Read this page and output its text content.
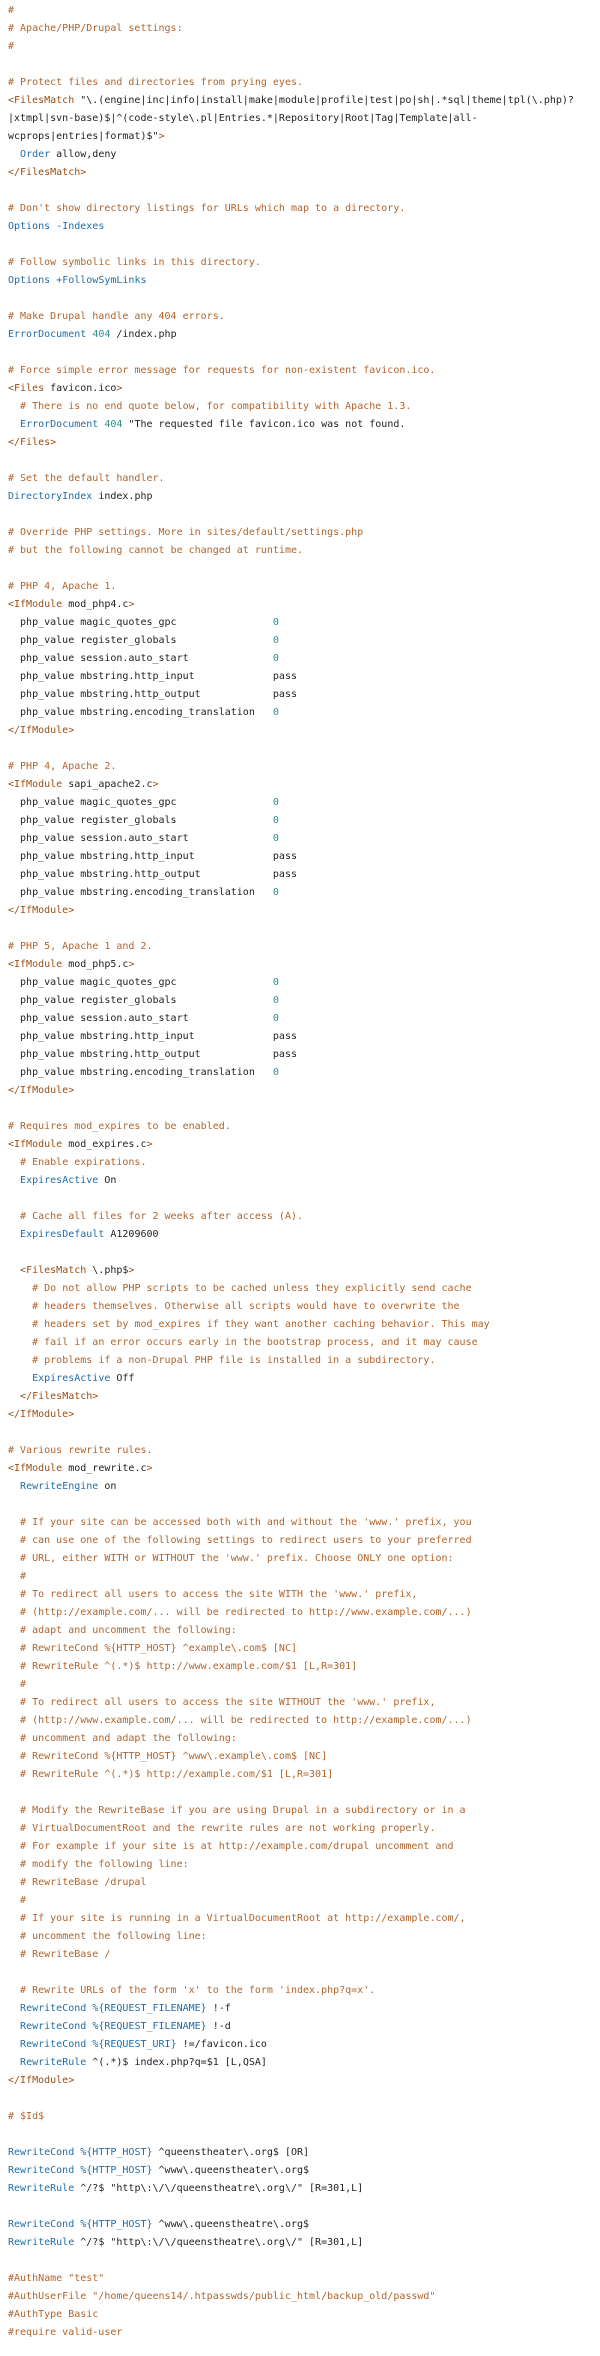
#
# Apache/PHP/Drupal settings:
#
# Protect files and directories from prying eyes.
<FilesMatch "\.(engine|inc|info|install|make|module|profile|test|po|sh|.*sql|theme|tpl(\.php)?
|xtmpl|svn-base)$|^(code-style\.pl|Entries.*|Repository|Root|Tag|Template|all-
wcprops|entries|format)$">
Order allow,deny
</FilesMatch>
# Don't show directory listings for URLs which map to a directory.
Options -Indexes
# Follow symbolic links in this directory.
Options +FollowSymLinks
# Make Drupal handle any 404 errors.
ErrorDocument 404 /index.php
# Force simple error message for requests for non-existent favicon.ico.
<Files favicon.ico>
# There is no end quote below, for compatibility with Apache 1.3.
ErrorDocument 404 "The requested file favicon.ico was not found.
</Files>
# Set the default handler.
DirectoryIndex index.php
# Override PHP settings. More in sites/default/settings.php
# but the following cannot be changed at runtime.
# PHP 4, Apache 1.
<IfModule mod_php4.c>
php_value magic_quotes_gpc                0
php_value register_globals                0
php_value session.auto_start              0
php_value mbstring.http_input             pass
php_value mbstring.http_output            pass
php_value mbstring.encoding_translation   0
</IfModule>
# PHP 4, Apache 2.
<IfModule sapi_apache2.c>
php_value magic_quotes_gpc                0
php_value register_globals                0
php_value session.auto_start              0
php_value mbstring.http_input             pass
php_value mbstring.http_output            pass
php_value mbstring.encoding_translation   0
</IfModule>
# PHP 5, Apache 1 and 2.
<IfModule mod_php5.c>
php_value magic_quotes_gpc                0
php_value register_globals                0
php_value session.auto_start              0
php_value mbstring.http_input             pass
php_value mbstring.http_output            pass
php_value mbstring.encoding_translation   0
</IfModule>
# Requires mod_expires to be enabled.
<IfModule mod_expires.c>
# Enable expirations.
ExpiresActive On
# Cache all files for 2 weeks after access (A).
ExpiresDefault A1209600
<FilesMatch \.php$>
# Do not allow PHP scripts to be cached unless they explicitly send cache
# headers themselves. Otherwise all scripts would have to overwrite the
# headers set by mod_expires if they want another caching behavior. This may
# fail if an error occurs early in the bootstrap process, and it may cause
# problems if a non-Drupal PHP file is installed in a subdirectory.
ExpiresActive Off
</FilesMatch>
</IfModule>
# Various rewrite rules.
<IfModule mod_rewrite.c>
RewriteEngine on
# If your site can be accessed both with and without the 'www.' prefix, you
# can use one of the following settings to redirect users to your preferred
# URL, either WITH or WITHOUT the 'www.' prefix. Choose ONLY one option:
#
# To redirect all users to access the site WITH the 'www.' prefix,
# (http://example.com/... will be redirected to http://www.example.com/...)
# adapt and uncomment the following:
# RewriteCond %{HTTP_HOST} ^example\.com$ [NC]
# RewriteRule ^(.*)$ http://www.example.com/$1 [L,R=301]
#
# To redirect all users to access the site WITHOUT the 'www.' prefix,
# (http://www.example.com/... will be redirected to http://example.com/...)
# uncomment and adapt the following:
# RewriteCond %{HTTP_HOST} ^www\.example\.com$ [NC]
# RewriteRule ^(.*)$ http://example.com/$1 [L,R=301]
# Modify the RewriteBase if you are using Drupal in a subdirectory or in a
# VirtualDocumentRoot and the rewrite rules are not working properly.
# For example if your site is at http://example.com/drupal uncomment and
# modify the following line:
# RewriteBase /drupal
#
# If your site is running in a VirtualDocumentRoot at http://example.com/,
# uncomment the following line:
# RewriteBase /
# Rewrite URLs of the form 'x' to the form 'index.php?q=x'.
RewriteCond %{REQUEST_FILENAME} !-f
RewriteCond %{REQUEST_FILENAME} !-d
RewriteCond %{REQUEST_URI} !=/favicon.ico
RewriteRule ^(.*)$ index.php?q=$1 [L,QSA]
</IfModule>
# $Id$
RewriteCond %{HTTP_HOST} ^queenstheater\.org$ [OR]
RewriteCond %{HTTP_HOST} ^www\.queenstheater\.org$
RewriteRule ^/?$ "http\:\/\/queenstheatre\.org\/" [R=301,L]
RewriteCond %{HTTP_HOST} ^www\.queenstheatre\.org$
RewriteRule ^/?$ "http\:\/\/queenstheatre\.org\/" [R=301,L]
#AuthName "test"
#AuthUserFile "/home/queens14/.htpasswds/public_html/backup_old/passwd"
#AuthType Basic
#require valid-user
